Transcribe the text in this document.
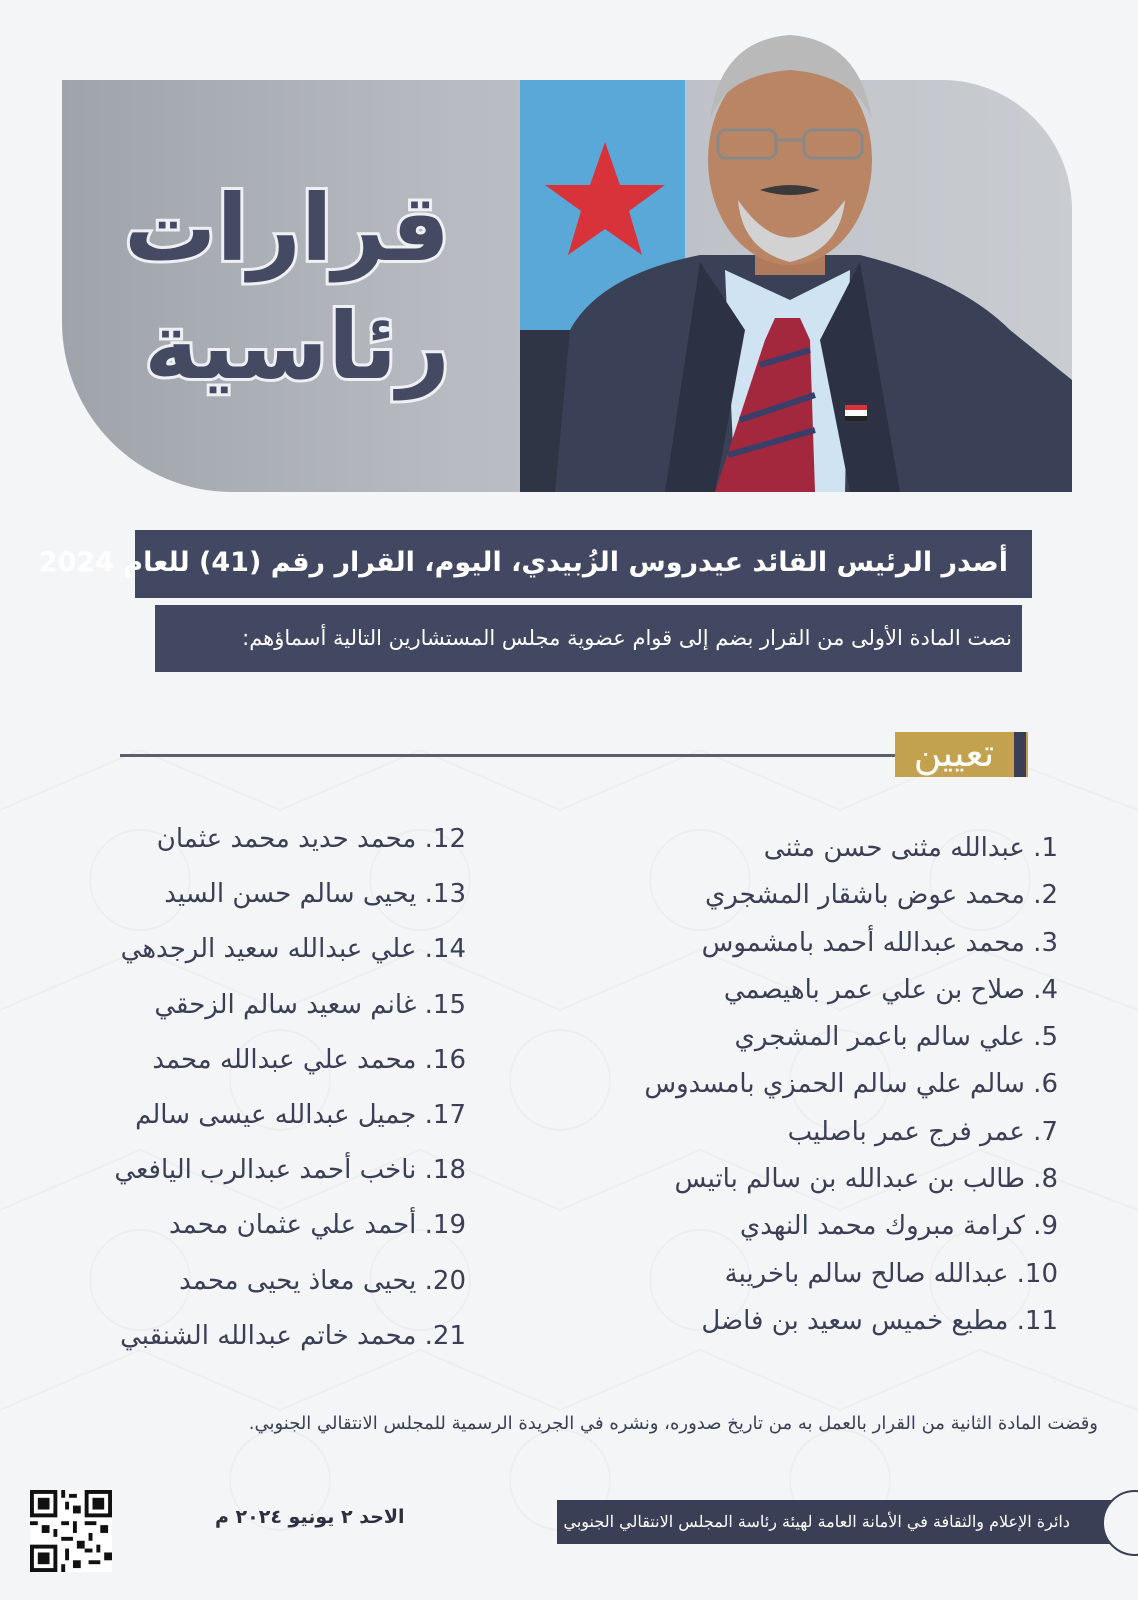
قرارات
رئاسية
أصدر الرئيس القائد عيدروس الزُبيدي، اليوم، القرار رقم (41) للعام 2024
نصت المادة الأولى من القرار بضم إلى قوام عضوية مجلس المستشارين التالية أسماؤهم:
تعيين
1. عبدالله مثنى حسن مثنى
2. محمد عوض باشقار المشجري
3. محمد عبدالله أحمد بامشموس
4. صلاح بن علي عمر باهيصمي
5. علي سالم باعمر المشجري
6. سالم علي سالم الحمزي بامسدوس
7. عمر فرج عمر باصليب
8. طالب بن عبدالله بن سالم باتيس
9. كرامة مبروك محمد النهدي
10. عبدالله صالح سالم باخريبة
11. مطيع خميس سعيد بن فاضل
12. محمد حديد محمد عثمان
13. يحيى سالم حسن السيد
14. علي عبدالله سعيد الرجدهي
15. غانم سعيد سالم الزحقي
16. محمد علي عبدالله محمد
17. جميل عبدالله عيسى سالم
18. ناخب أحمد عبدالرب اليافعي
19. أحمد علي عثمان محمد
20. يحيى معاذ يحيى محمد
21. محمد خاتم عبدالله الشنقبي
وقضت المادة الثانية من القرار بالعمل به من تاريخ صدوره، ونشره في الجريدة الرسمية للمجلس الانتقالي الجنوبي.
الاحد ٢ يونيو ٢٠٢٤ م	دائرة الإعلام والثقافة في الأمانة العامة لهيئة رئاسة المجلس الانتقالي الجنوبي
